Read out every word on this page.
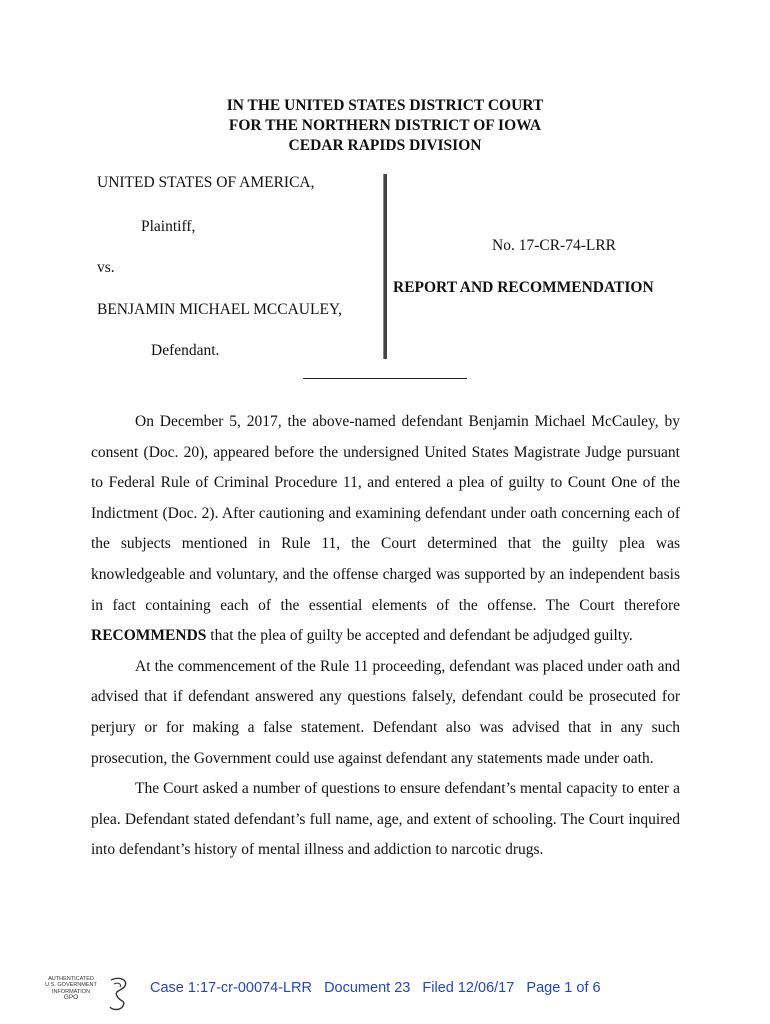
IN THE UNITED STATES DISTRICT COURT
FOR THE NORTHERN DISTRICT OF IOWA
CEDAR RAPIDS DIVISION
UNITED STATES OF AMERICA,
Plaintiff,
vs.
BENJAMIN MICHAEL MCCAULEY,
Defendant.
No. 17-CR-74-LRR
REPORT AND RECOMMENDATION

On December 5, 2017, the above-named defendant Benjamin Michael McCauley, by consent (Doc. 20), appeared before the undersigned United States Magistrate Judge pursuant to Federal Rule of Criminal Procedure 11, and entered a plea of guilty to Count One of the Indictment (Doc. 2). After cautioning and examining defendant under oath concerning each of the subjects mentioned in Rule 11, the Court determined that the guilty plea was knowledgeable and voluntary, and the offense charged was supported by an independent basis in fact containing each of the essential elements of the offense. The Court therefore RECOMMENDS that the plea of guilty be accepted and defendant be adjudged guilty.

At the commencement of the Rule 11 proceeding, defendant was placed under oath and advised that if defendant answered any questions falsely, defendant could be prosecuted for perjury or for making a false statement. Defendant also was advised that in any such prosecution, the Government could use against defendant any statements made under oath.

The Court asked a number of questions to ensure defendant’s mental capacity to enter a plea. Defendant stated defendant’s full name, age, and extent of schooling. The Court inquired into defendant’s history of mental illness and addiction to narcotic drugs.

AUTHENTICATED
U.S. GOVERNMENT
INFORMATION
GPO
Case 1:17-cr-00074-LRR   Document 23   Filed 12/06/17   Page 1 of 6
